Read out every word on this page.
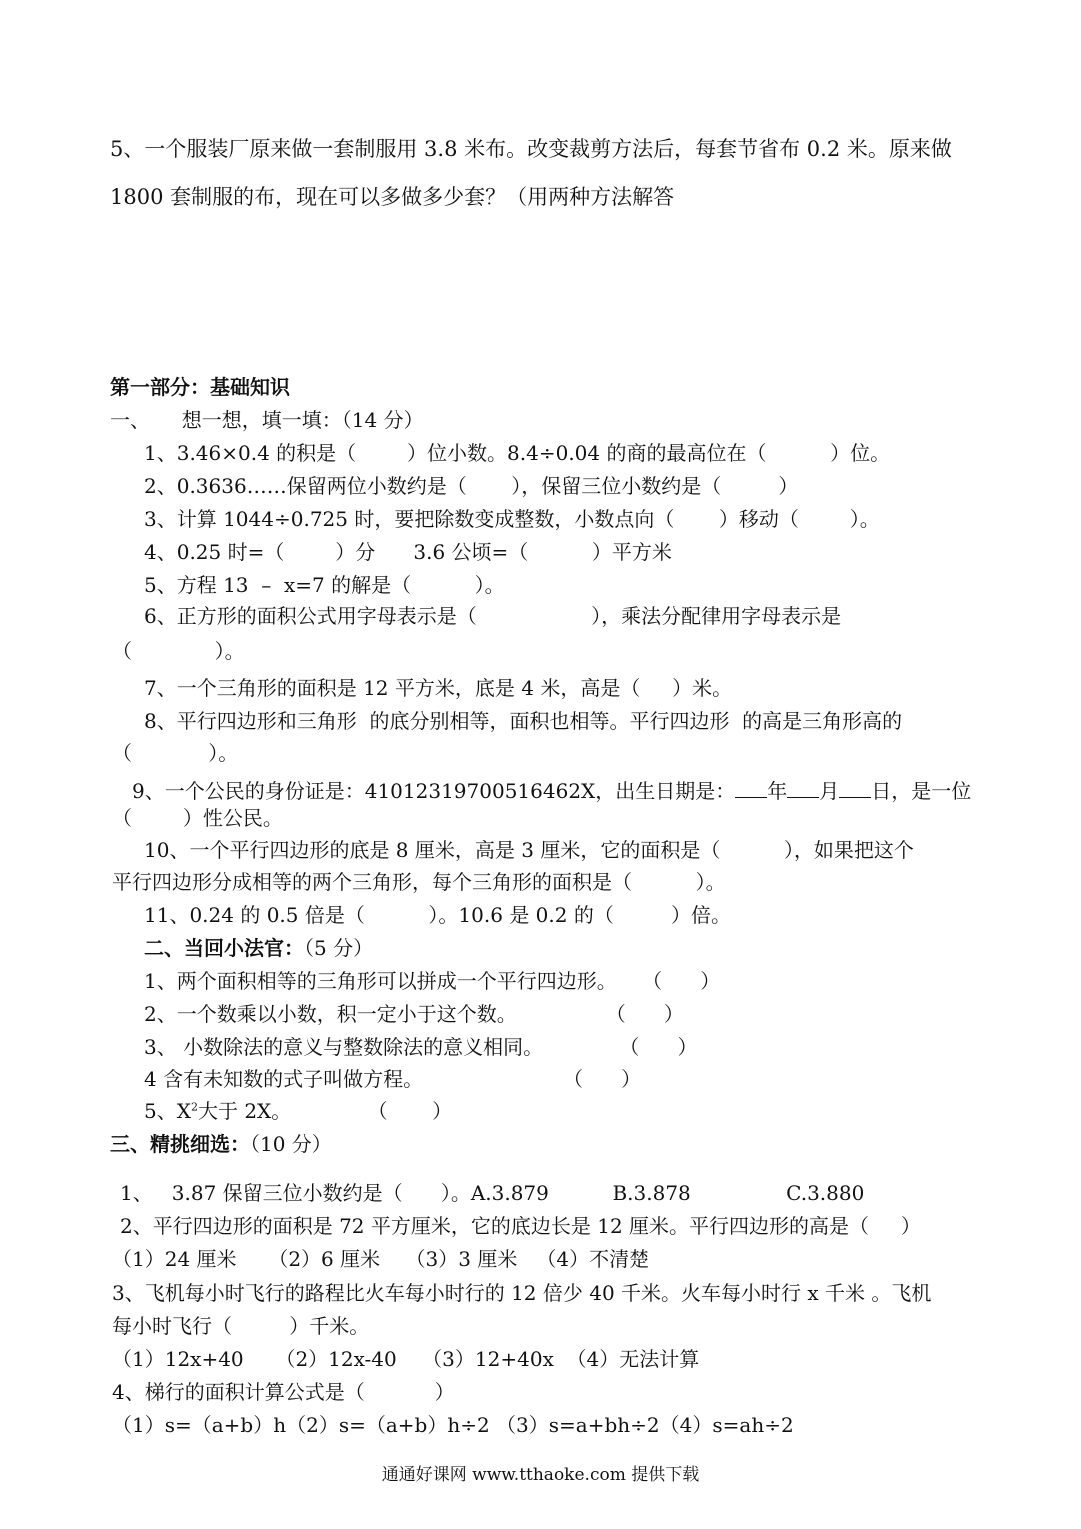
5、一个服装厂原来做一套制服用 3.8 米布。改变裁剪方法后，每套节省布 0.2 米。原来做
1800 套制服的布，现在可以多做多少套？（用两种方法解答
第一部分：基础知识
一、     想一想，填一填：（14 分）
1、3.46×0.4 的积是（        ）位小数。8.4÷0.04 的商的最高位在（          ）位。
2、0.3636……保留两位小数约是（       ），保留三位小数约是（         ）
3、计算 1044÷0.725 时，要把除数变成整数，小数点向（       ）移动（        ）。
4、0.25 时=（        ）分      3.6 公顷=（          ）平方米
5、方程 13  –  x=7 的解是（          ）。
6、正方形的面积公式用字母表示是（                  ），乘法分配律用字母表示是
（             ）。
7、一个三角形的面积是 12 平方米，底是 4 米，高是（     ）米。
8、平行四边形和三角形  的底分别相等，面积也相等。平行四边形  的高是三角形高的
（            ）。
9、一个公民的身份证是：41012319700516462X，出生日期是： 年 月 日，是一位
（        ）性公民。
10、一个平行四边形的底是 8 厘米，高是 3 厘米，它的面积是（          ），如果把这个
平行四边形分成相等的两个三角形，每个三角形的面积是（          ）。
11、0.24 的 0.5 倍是（          ）。10.6 是 0.2 的（         ）倍。
二、当回小法官：（5 分）
1、两个面积相等的三角形可以拼成一个平行四边形。    （      ）
2、一个数乘以小数，积一定小于这个数。              （      ）
3、 小数除法的意义与整数除法的意义相同。            （      ）
4 含有未知数的式子叫做方程。                      （      ）
5、$X^2$大于 2X。            （       ）
三、精挑细选：（10 分）
1、   3.87 保留三位小数约是（      ）。A.3.879          B.3.878               C.3.880
2、平行四边形的面积是 72 平方厘米，它的底边长是 12 厘米。平行四边形的高是（     ）
（1）24 厘米     （2）6 厘米    （3）3 厘米   （4）不清楚
3、飞机每小时飞行的路程比火车每小时行的 12 倍少 40 千米。火车每小时行 x 千米 。飞机
每小时飞行（         ）千米。
（1）12x+40     （2）12x-40    （3）12+40x  （4）无法计算
4、梯行的面积计算公式是（           ）
（1）s=（a+b）h（2）s=（a+b）h÷2 （3）s=a+bh÷2（4）s=ah÷2
通通好课网 www.tthaoke.com 提供下载
